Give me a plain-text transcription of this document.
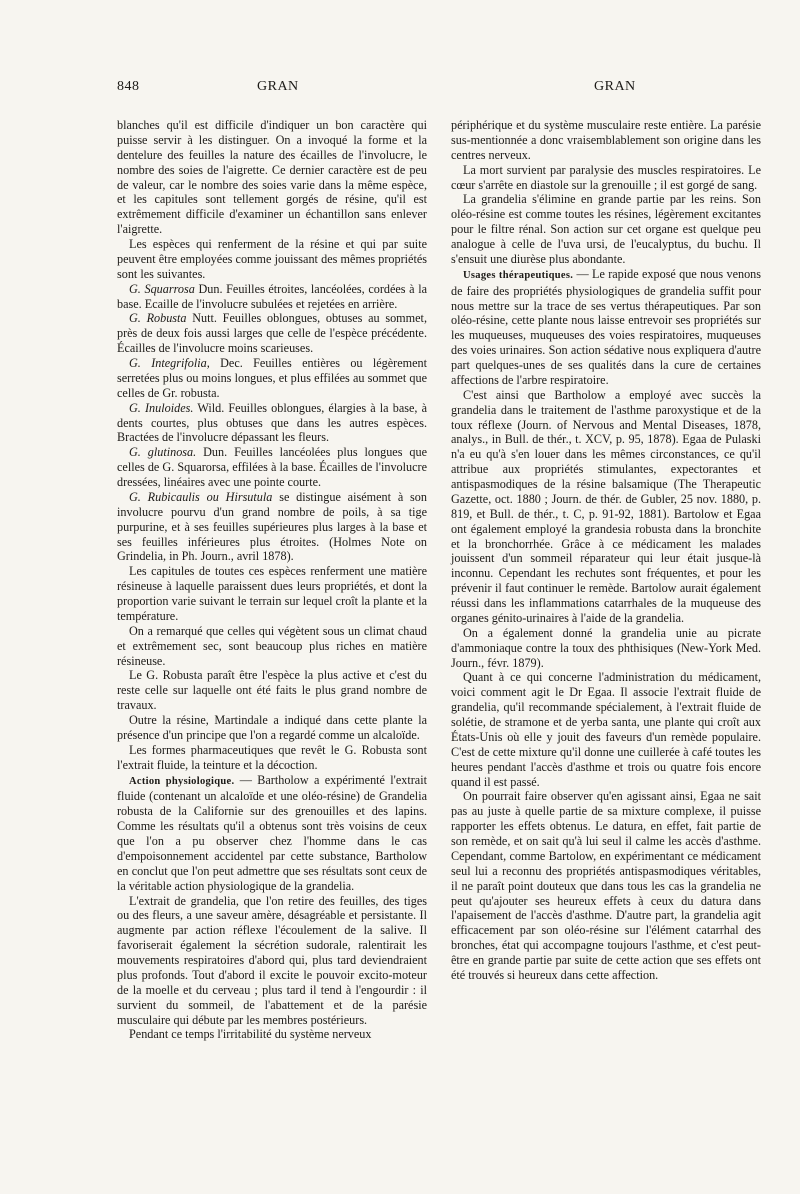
848	GRAN	GRAN

blanches qu'il est difficile d'indiquer un bon caractère qui puisse servir à les distinguer. On a invoqué la forme et la dentelure des feuilles la nature des écailles de l'involucre, le nombre des soies de l'aigrette. Ce dernier caractère est de peu de valeur, car le nombre des soies varie dans la même espèce, et les capitules sont tellement gorgés de résine, qu'il est extrêmement difficile d'examiner un échantillon sans enlever l'aigrette.

Les espèces qui renferment de la résine et qui par suite peuvent être employées comme jouissant des mêmes propriétés sont les suivantes.

G. Squarrosa Dun. Feuilles étroites, lancéolées, cordées à la base. Ecaille de l'involucre subulées et rejetées en arrière.

G. Robusta Nutt. Feuilles oblongues, obtuses au sommet, près de deux fois aussi larges que celle de l'espèce précédente. Écailles de l'involucre moins scarieuses.

G. Integrifolia, Dec. Feuilles entières ou légèrement serretées plus ou moins longues, et plus effilées au sommet que celles de Gr. robusta.

G. Inuloides. Wild. Feuilles oblongues, élargies à la base, à dents courtes, plus obtuses que dans les autres espèces. Bractées de l'involucre dépassant les fleurs.

G. glutinosa. Dun. Feuilles lancéolées plus longues que celles de G. Squarorsa, effilées à la base. Écailles de l'involucre dressées, linéaires avec une pointe courte.

G. Rubicaulis ou Hirsutula se distingue aisément à son involucre pourvu d'un grand nombre de poils, à sa tige purpurine, et à ses feuilles supérieures plus larges à la base et ses feuilles inférieures plus étroites. (Holmes Note on Grindelia, in Ph. Journ., avril 1878).

Les capitules de toutes ces espèces renferment une matière résineuse à laquelle paraissent dues leurs propriétés, et dont la proportion varie suivant le terrain sur lequel croît la plante et la température.

On a remarqué que celles qui végètent sous un climat chaud et extrêmement sec, sont beaucoup plus riches en matière résineuse.

Le G. Robusta paraît être l'espèce la plus active et c'est du reste celle sur laquelle ont été faits le plus grand nombre de travaux.

Outre la résine, Martindale a indiqué dans cette plante la présence d'un principe que l'on a regardé comme un alcaloïde.

Les formes pharmaceutiques que revêt le G. Robusta sont l'extrait fluide, la teinture et la décoction.

Action physiologique. — Bartholow a expérimenté l'extrait fluide (contenant un alcaloïde et une oléo-résine) de Grandelia robusta de la Californie sur des grenouilles et des lapins. Comme les résultats qu'il a obtenus sont très voisins de ceux que l'on a pu observer chez l'homme dans le cas d'empoisonnement accidentel par cette substance, Bartholow en conclut que l'on peut admettre que ses résultats sont ceux de la véritable action physiologique de la grandelia.

L'extrait de grandelia, que l'on retire des feuilles, des tiges ou des fleurs, a une saveur amère, désagréable et persistante. Il augmente par action réflexe l'écoulement de la salive. Il favoriserait également la sécrétion sudorale, ralentirait les mouvements respiratoires d'abord qui, plus tard deviendraient plus profonds. Tout d'abord il excite le pouvoir excito-moteur de la moelle et du cerveau ; plus tard il tend à l'engourdir : il survient du sommeil, de l'abattement et de la parésie musculaire qui débute par les membres postérieurs.

Pendant ce temps l'irritabilité du système nerveux

périphérique et du système musculaire reste entière. La parésie sus-mentionnée a donc vraisemblablement son origine dans les centres nerveux.

La mort survient par paralysie des muscles respiratoires. Le cœur s'arrête en diastole sur la grenouille ; il est gorgé de sang.

La grandelia s'élimine en grande partie par les reins. Son oléo-résine est comme toutes les résines, légèrement excitantes pour le filtre rénal. Son action sur cet organe est quelque peu analogue à celle de l'uva ursi, de l'eucalyptus, du buchu. Il s'ensuit une diurèse plus abondante.

Usages thérapeutiques. — Le rapide exposé que nous venons de faire des propriétés physiologiques de grandelia suffit pour nous mettre sur la trace de ses vertus thérapeutiques. Par son oléo-résine, cette plante nous laisse entrevoir ses propriétés sur les muqueuses, muqueuses des voies respiratoires, muqueuses des voies urinaires. Son action sédative nous expliquera d'autre part quelques-unes de ses qualités dans la cure de certaines affections de l'arbre respiratoire.

C'est ainsi que Bartholow a employé avec succès la grandelia dans le traitement de l'asthme paroxystique et de la toux réflexe (Journ. of Nervous and Mental Diseases, 1878, analys., in Bull. de thér., t. XCV, p. 95, 1878). Egaa de Pulaski n'a eu qu'à s'en louer dans les mêmes circonstances, ce qu'il attribue aux propriétés stimulantes, expectorantes et antispasmodiques de la résine balsamique (The Therapeutic Gazette, oct. 1880 ; Journ. de thér. de Gubler, 25 nov. 1880, p. 819, et Bull. de thér., t. C, p. 91-92, 1881). Bartolow et Egaa ont également employé la grandesia robusta dans la bronchite et la bronchorrhée. Grâce à ce médicament les malades jouissent d'un sommeil réparateur qui leur était jusque-là inconnu. Cependant les rechutes sont fréquentes, et pour les prévenir il faut continuer le remède. Bartolow aurait également réussi dans les inflammations catarrhales de la muqueuse des organes génito-urinaires à l'aide de la grandelia.

On a également donné la grandelia unie au picrate d'ammoniaque contre la toux des phthisiques (New-York Med. Journ., févr. 1879).

Quant à ce qui concerne l'administration du médicament, voici comment agit le Dr Egaa. Il associe l'extrait fluide de grandelia, qu'il recommande spécialement, à l'extrait fluide de solétie, de stramone et de yerba santa, une plante qui croît aux États-Unis où elle y jouit des faveurs d'un remède populaire. C'est de cette mixture qu'il donne une cuillerée à café toutes les heures pendant l'accès d'asthme et trois ou quatre fois encore quand il est passé.

On pourrait faire observer qu'en agissant ainsi, Egaa ne sait pas au juste à quelle partie de sa mixture complexe, il puisse rapporter les effets obtenus. Le datura, en effet, fait partie de son remède, et on sait qu'à lui seul il calme les accès d'asthme. Cependant, comme Bartolow, en expérimentant ce médicament seul lui a reconnu des propriétés antispasmodiques véritables, il ne paraît point douteux que dans tous les cas la grandelia ne peut qu'ajouter ses heureux effets à ceux du datura dans l'apaisement de l'accès d'asthme. D'autre part, la grandelia agit efficacement par son oléo-résine sur l'élément catarrhal des bronches, état qui accompagne toujours l'asthme, et c'est peut-être en grande partie par suite de cette action que ses effets ont été trouvés si heureux dans cette affection.
